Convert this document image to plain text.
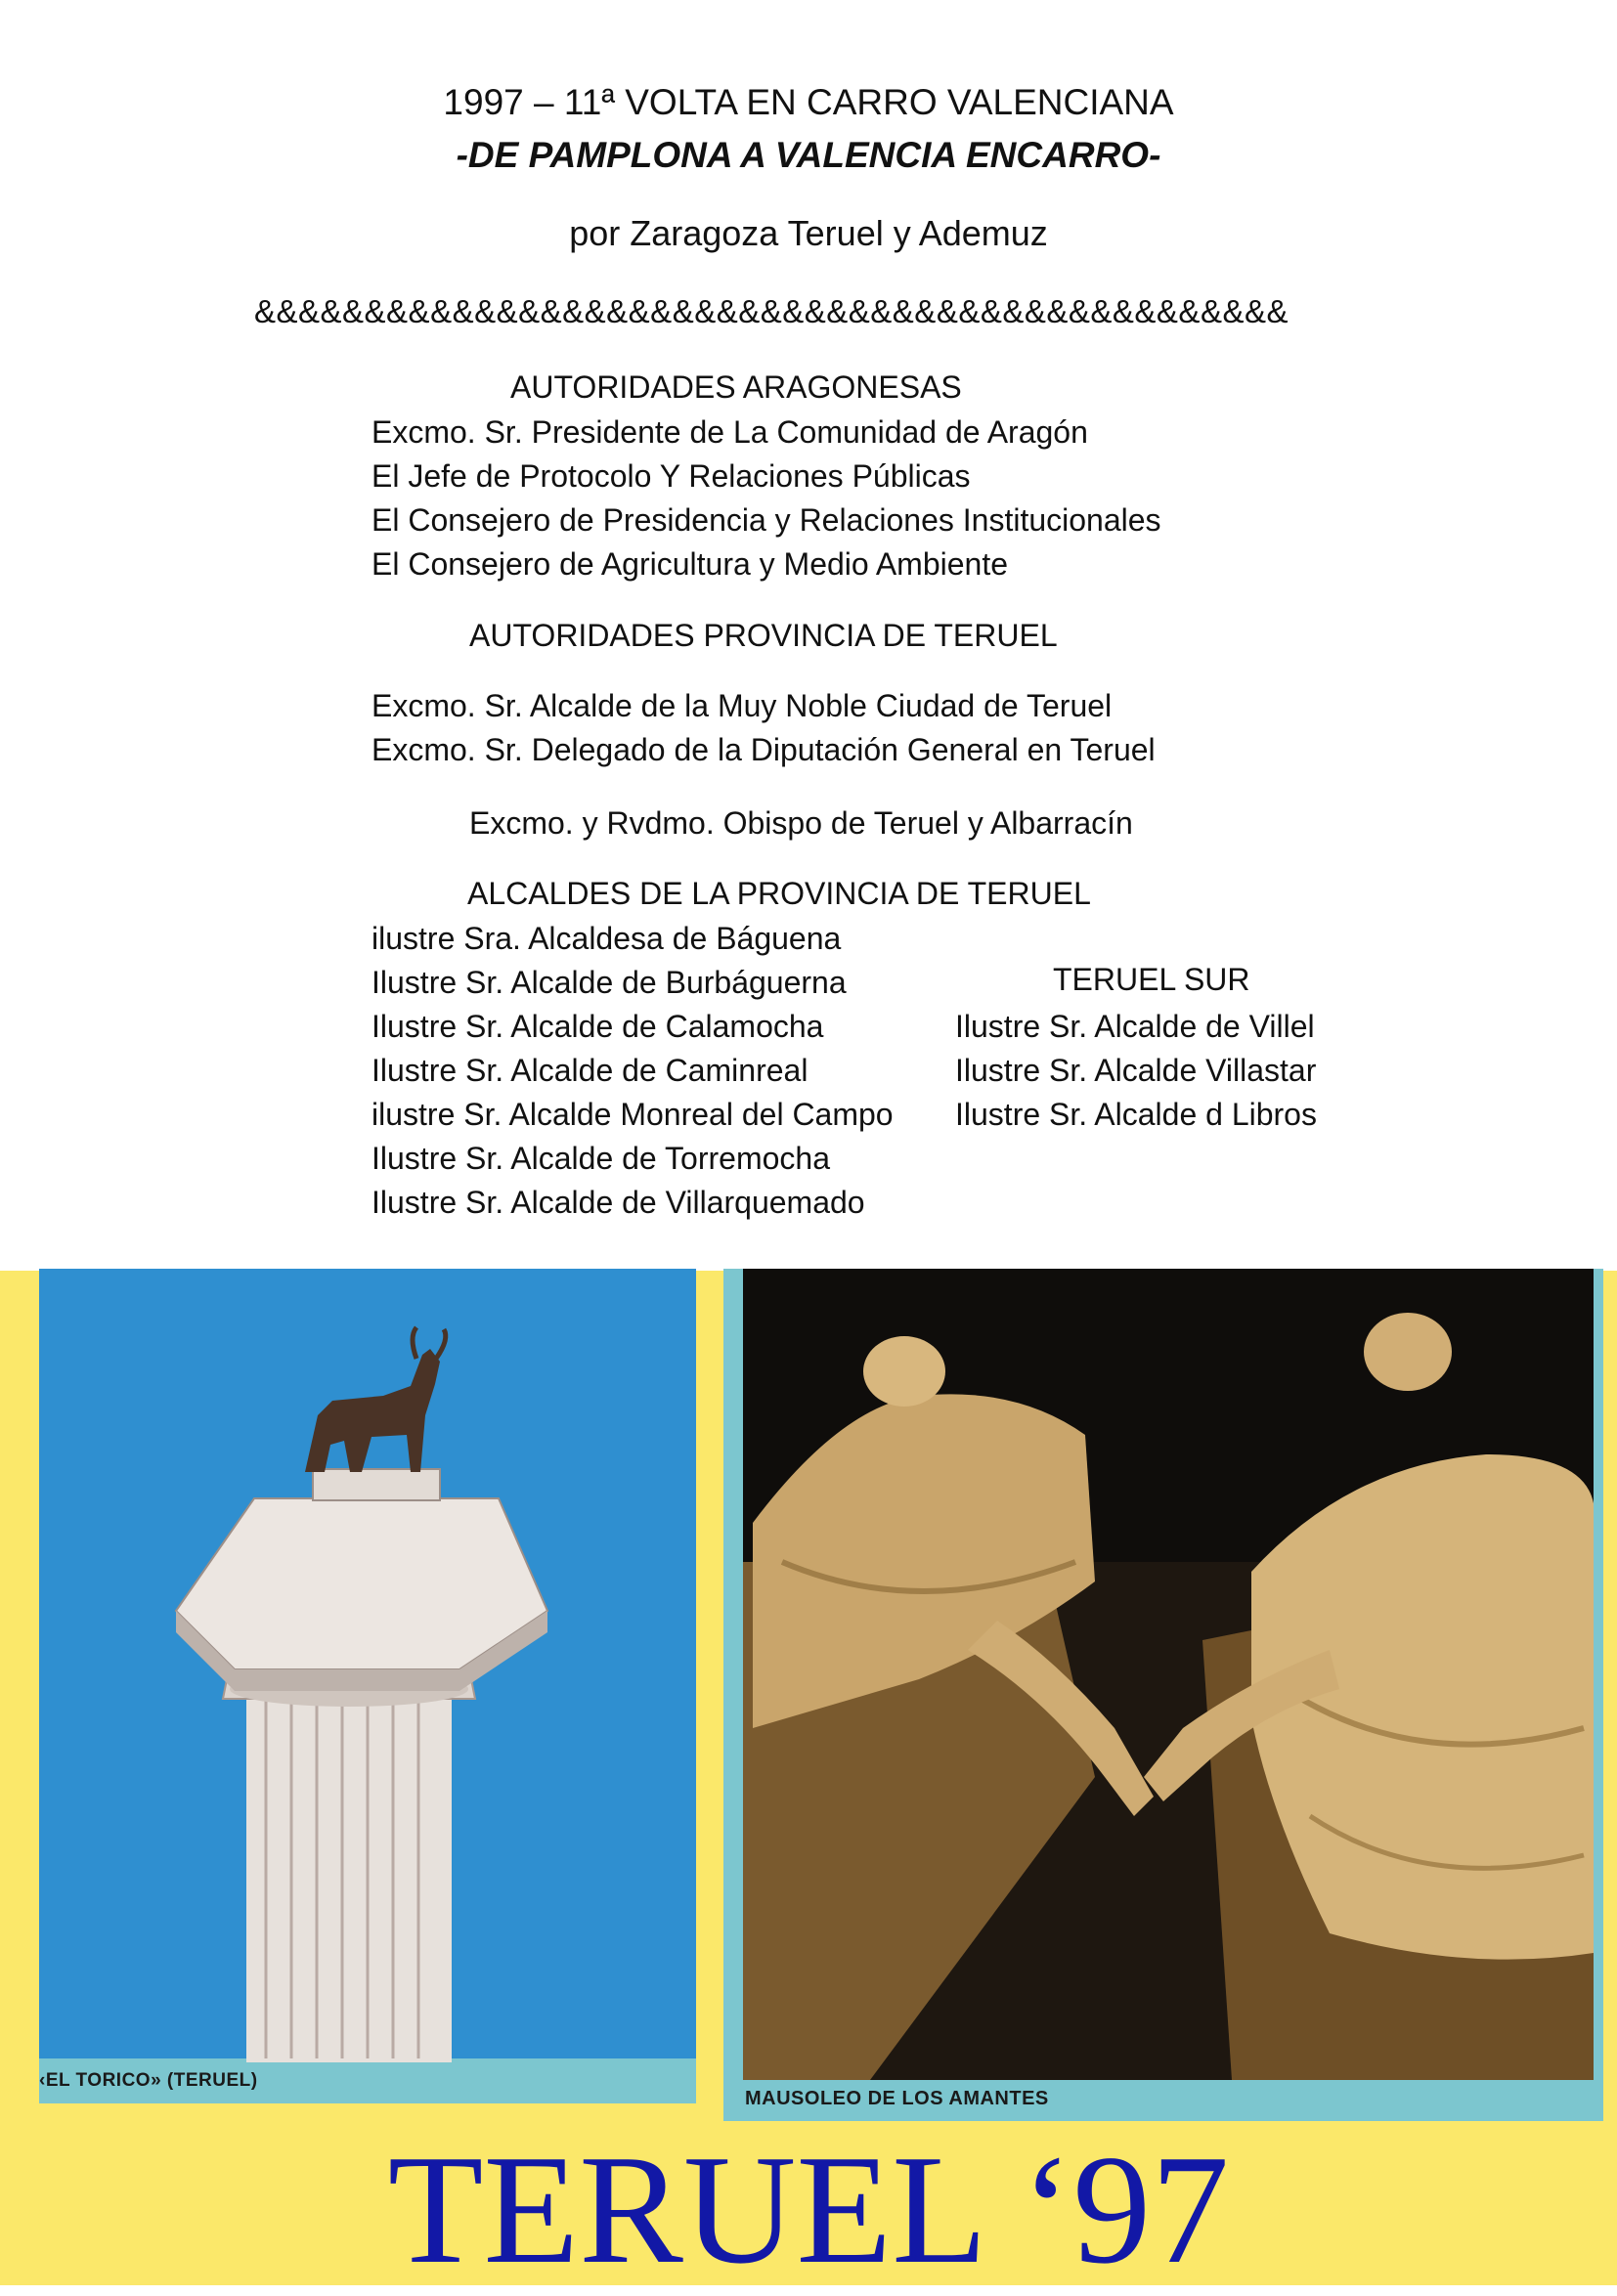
1997 – 11ª VOLTA EN CARRO VALENCIANA
-DE PAMPLONA A VALENCIA ENCARRO-
por Zaragoza Teruel y Ademuz
&&&&&&&&&&&&&&&&&&&&&&&&&&&&&&&&&&&&&&&&&&&&&&&
AUTORIDADES ARAGONESAS
Excmo. Sr. Presidente de La Comunidad de Aragón
El Jefe de Protocolo Y Relaciones Públicas
El Consejero de Presidencia y Relaciones Institucionales
El Consejero de Agricultura y Medio Ambiente
AUTORIDADES PROVINCIA DE TERUEL
Excmo. Sr. Alcalde de la Muy Noble Ciudad de Teruel
Excmo. Sr. Delegado de la Diputación General en Teruel
Excmo. y Rvdmo. Obispo de Teruel y Albarracín
ALCALDES DE LA PROVINCIA DE TERUEL
ilustre Sra. Alcaldesa de Báguena
Ilustre Sr. Alcalde de Burbáguerna
Ilustre Sr. Alcalde de Calamocha
Ilustre Sr. Alcalde de Caminreal
ilustre Sr. Alcalde Monreal del Campo
Ilustre Sr. Alcalde de Torremocha
Ilustre Sr. Alcalde de Villarquemado
TERUEL SUR
Ilustre Sr. Alcalde de Villel
Ilustre Sr. Alcalde Villastar
Ilustre Sr. Alcalde d Libros
‹EL TORICO» (TERUEL)
MAUSOLEO DE LOS AMANTES
TERUEL ‘97
